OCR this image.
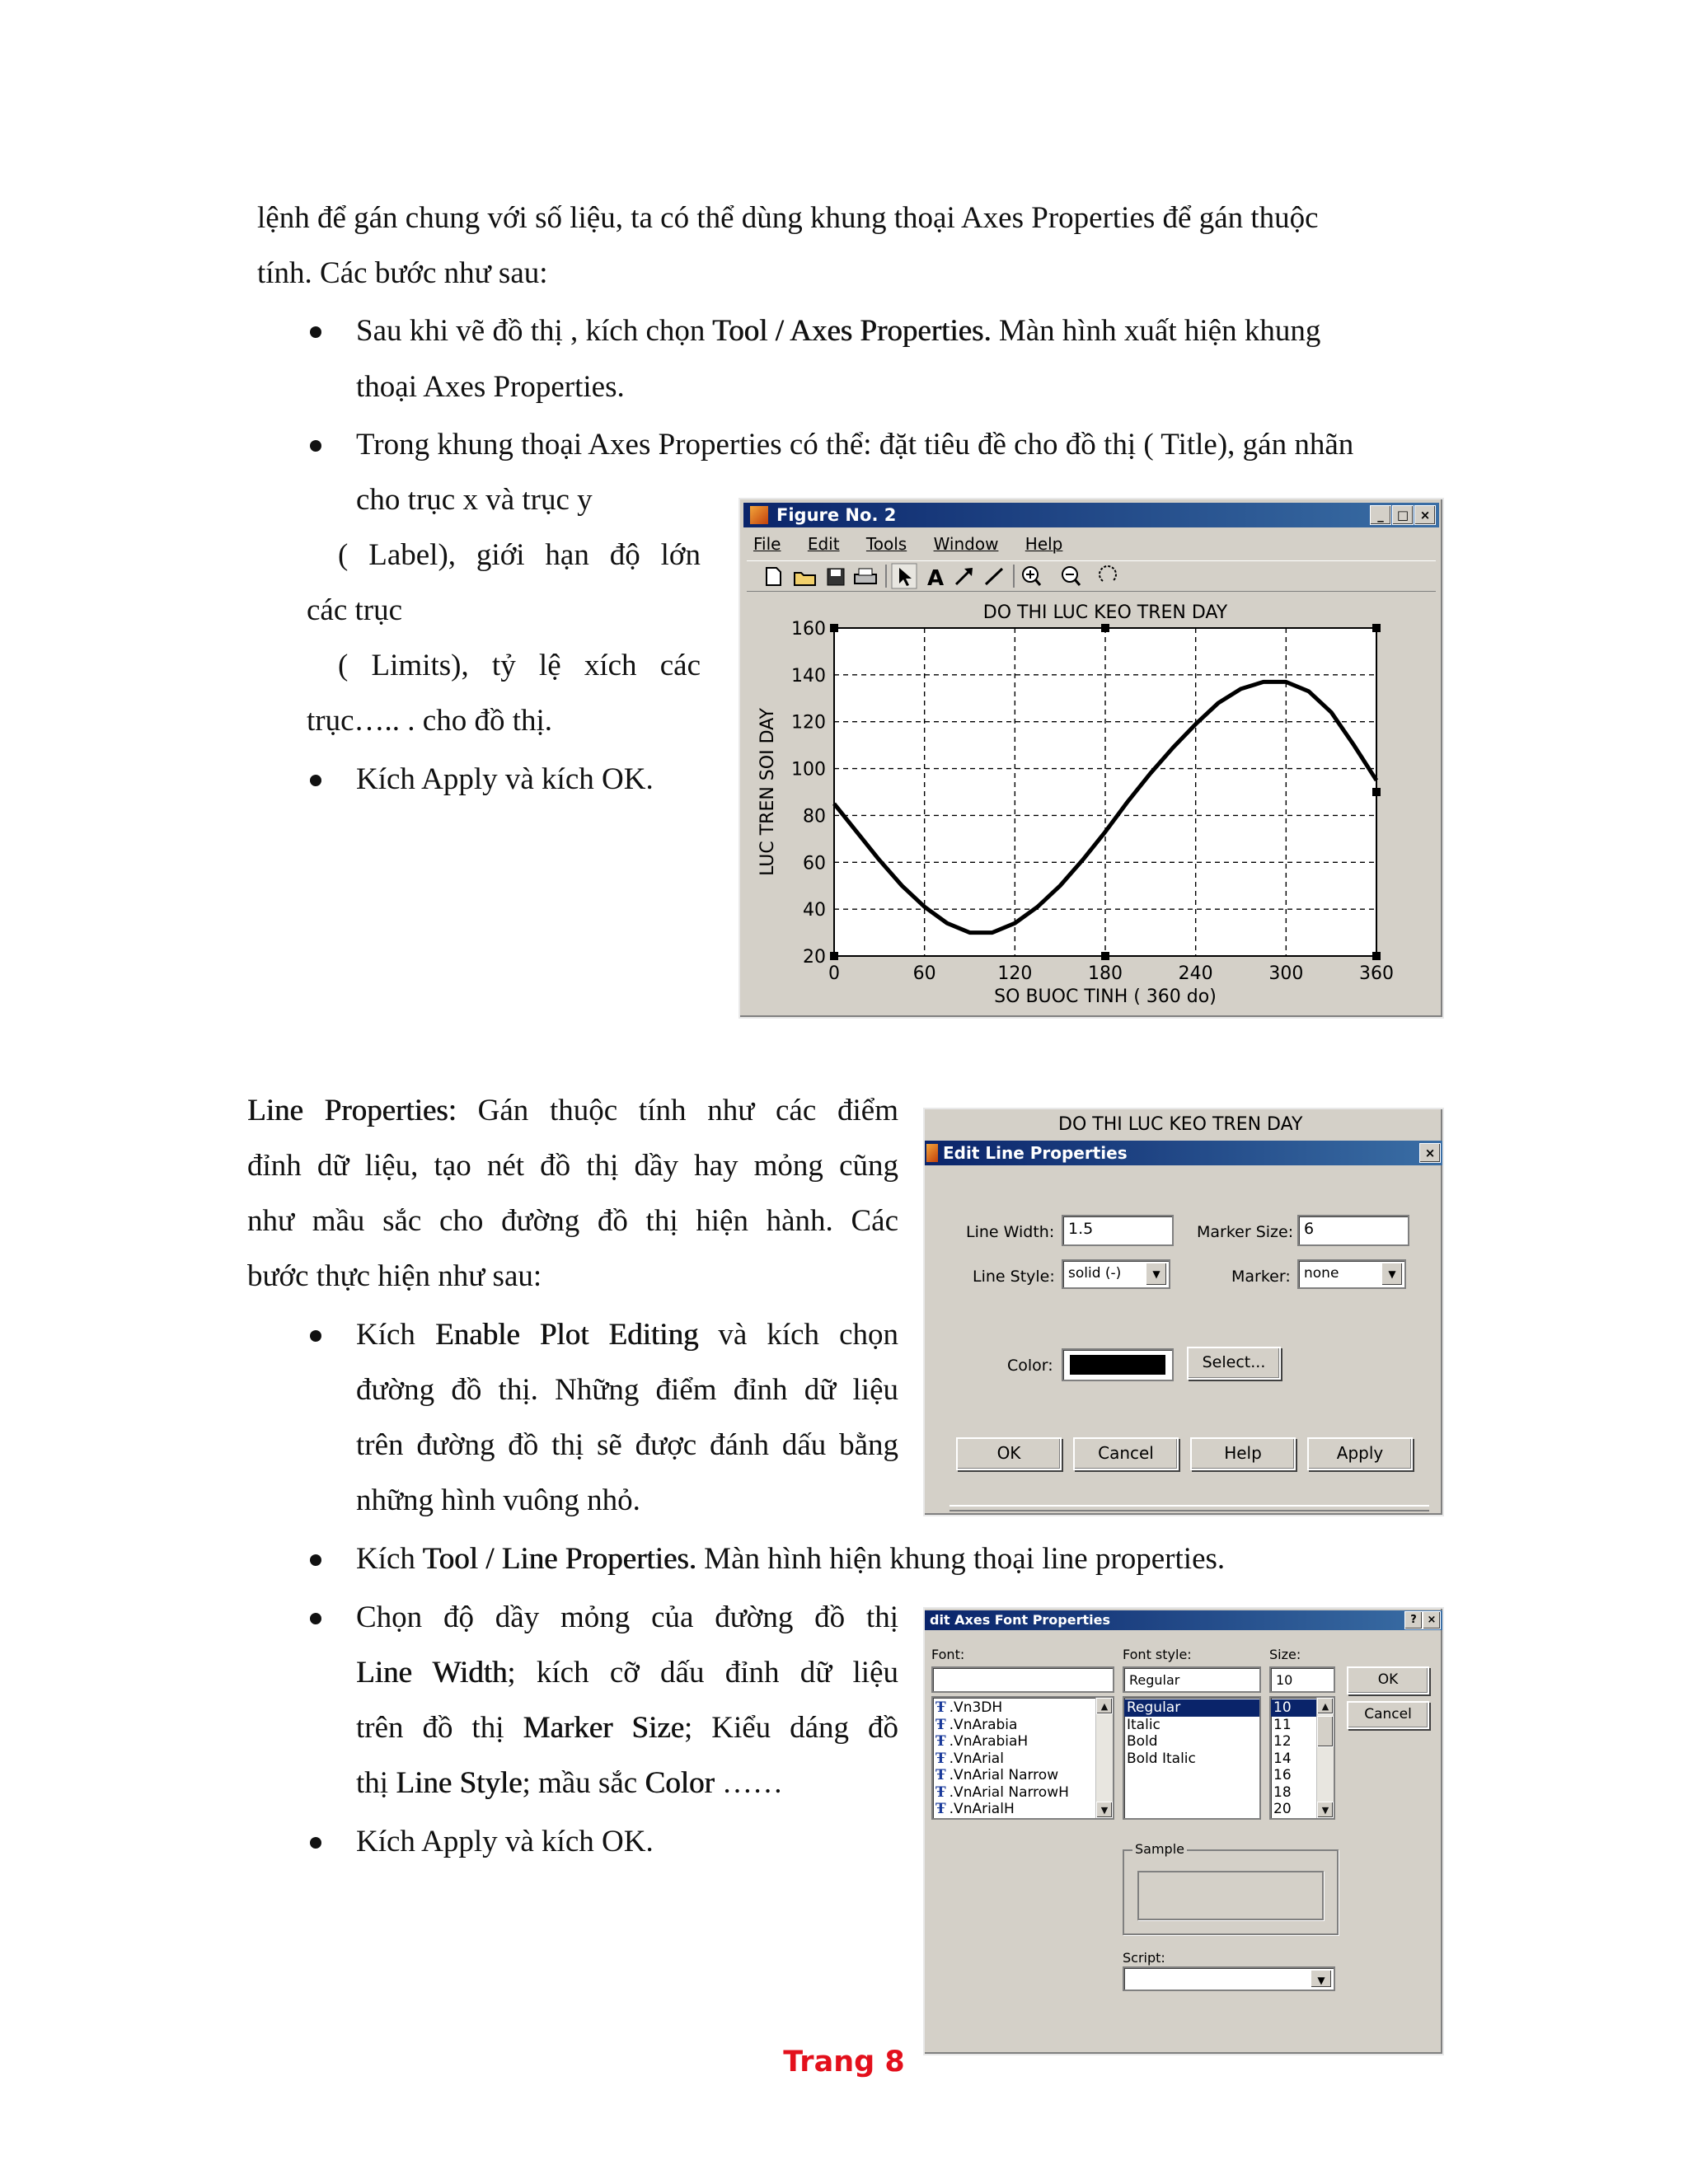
lệnh để gán chung với số liệu, ta có thể dùng khung thoại Axes Properties để gán thuộc
tính. Các bước như sau:
Sau khi vẽ đồ thị , kích chọn Tool / Axes Properties. Màn hình xuất hiện khung
thoại Axes Properties.
Trong khung thoại Axes Properties có thể: đặt tiêu đề cho đồ thị ( Title), gán nhãn
cho trục x và trục y
( Label), giới hạn độ lớn
các trục
( Limits), tỷ lệ xích các
trục….. . cho đồ thị.
Kích Apply và kích OK.
Figure No. 2	_	□ ×
File Edit Tools Window Help
A
0	60	120	180	240	300	360
20
40
60
80
100
120
140
160
DO THI LUC KEO TREN DAY
SO BUOC TINH ( 360 do)
LUC TREN SOI DAY
Line Properties: Gán thuộc tính như các điểm
đỉnh dữ liệu, tạo nét đồ thị dầy hay mỏng cũng
như mầu sắc cho đường đồ thị hiện hành. Các
bước thực hiện như sau:
Kích Enable Plot Editing và kích chọn
đường đồ thị. Những điểm đỉnh dữ liệu
trên đường đồ thị sẽ được đánh dấu bằng
những hình vuông nhỏ.
Kích Tool / Line Properties. Màn hình hiện khung thoại line properties.
Chọn độ dầy mỏng của đường đồ thị
Line Width; kích cỡ dấu đỉnh dữ liệu
trên đồ thị Marker Size; Kiểu dáng đồ
thị Line Style; mầu sắc Color ……
Kích Apply và kích OK.
DO THI LUC KEO TREN DAY
Edit Line Properties	×
Line Width: 1.5	Marker Size: 6
Line Style: solid (-)	▼	Marker: none	▼
Color:	Select...
OK	Cancel	Help	Apply
dit Axes Font Properties	? ×
Font:
Ŧ .Vn3DH
Ŧ .VnArabia
Ŧ .VnArabiaH
Ŧ .VnArial
Ŧ .VnArial Narrow
Ŧ .VnArial NarrowH
Ŧ .VnArialH
▲
▼
Font style:
Regular
Regular
Italic
Bold
Bold Italic
Size:
10
10
11
12
14
16
18
20
▲
▼
OK
Cancel
Sample
Script:
▼
Trang 8
